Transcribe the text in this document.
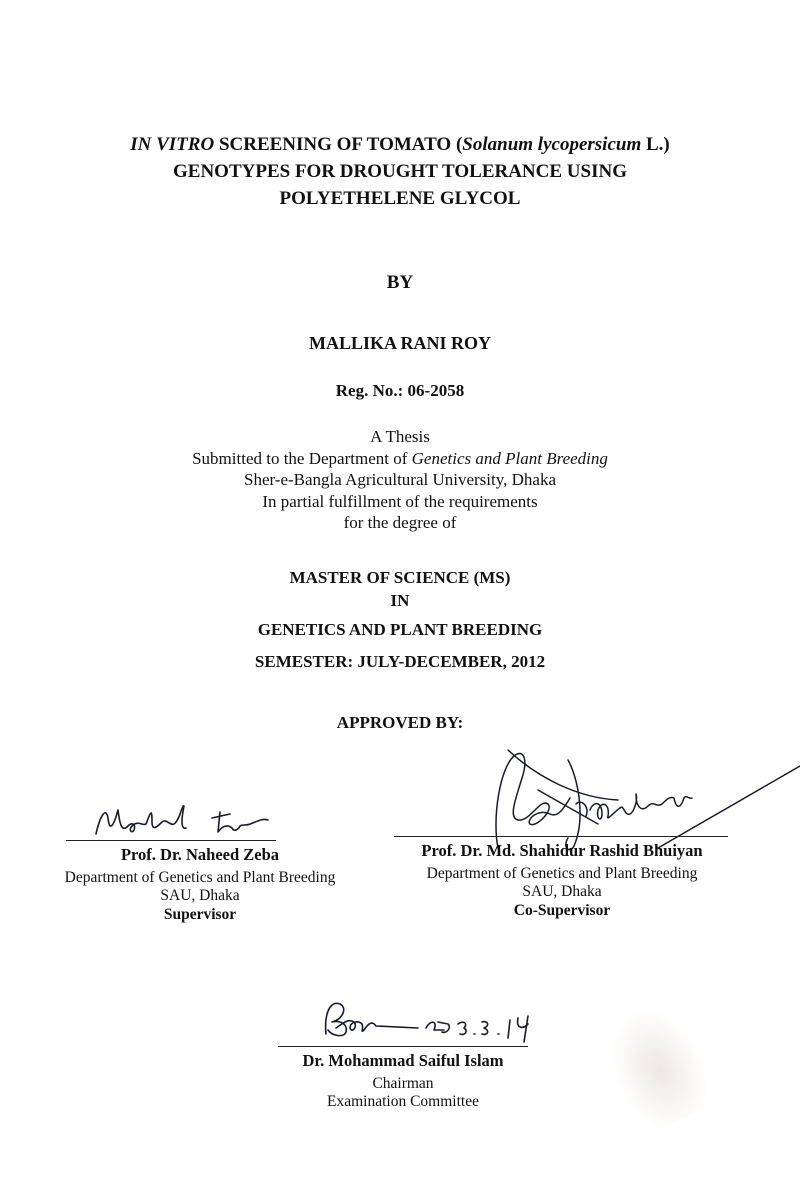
IN VITRO SCREENING OF TOMATO (Solanum lycopersicum L.)
GENOTYPES FOR DROUGHT TOLERANCE USING
POLYETHELENE GLYCOL
BY
MALLIKA RANI ROY
Reg. No.: 06-2058
A Thesis
Submitted to the Department of Genetics and Plant Breeding
Sher-e-Bangla Agricultural University, Dhaka
In partial fulfillment of the requirements
for the degree of
MASTER OF SCIENCE (MS)
IN
GENETICS AND PLANT BREEDING
SEMESTER: JULY-DECEMBER, 2012
APPROVED BY:
Prof. Dr. Naheed Zeba
Department of Genetics and Plant Breeding
SAU, Dhaka
Supervisor
Prof. Dr. Md. Shahidur Rashid Bhuiyan
Department of Genetics and Plant Breeding
SAU, Dhaka
Co-Supervisor
Dr. Mohammad Saiful Islam
Chairman
Examination Committee
